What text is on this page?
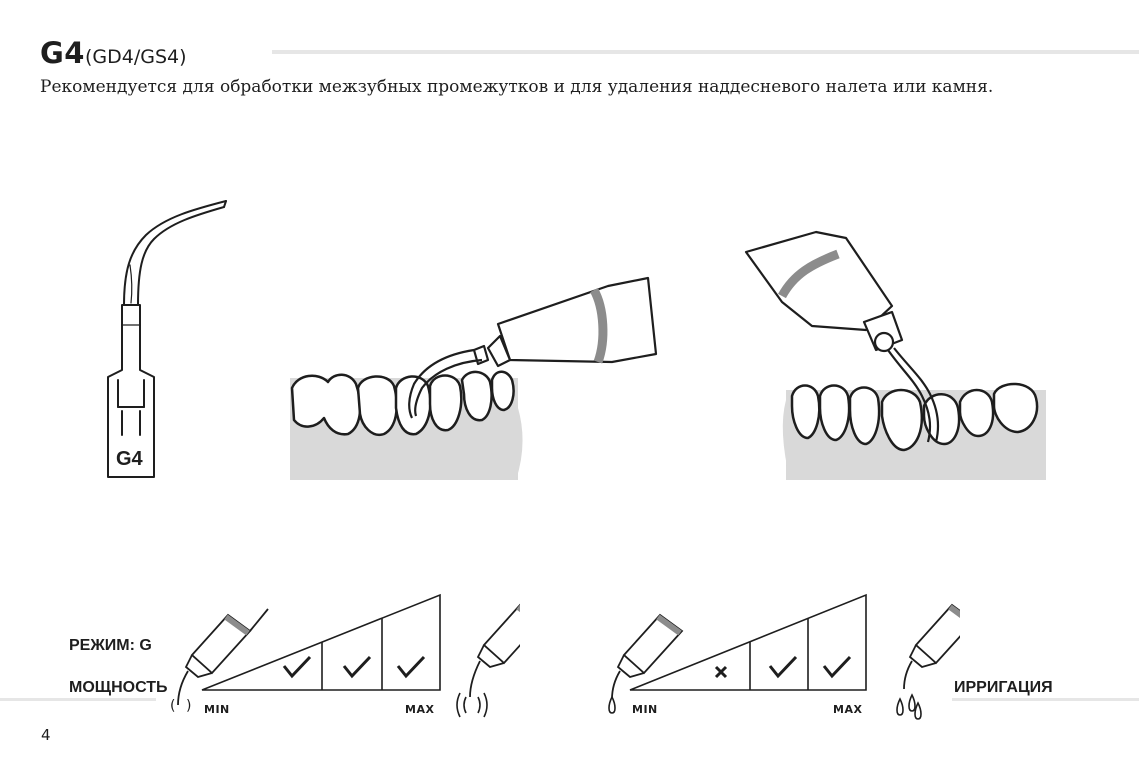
G4(GD4/GS4)
Рекомендуется для обработки межзубных промежутков и для удаления наддесневого налета или камня.
G4
РЕЖИМ: G
МОЩНОСТЬ
( ) MIN	MAX	MIN	MAX
ИРРИГАЦИЯ
4
